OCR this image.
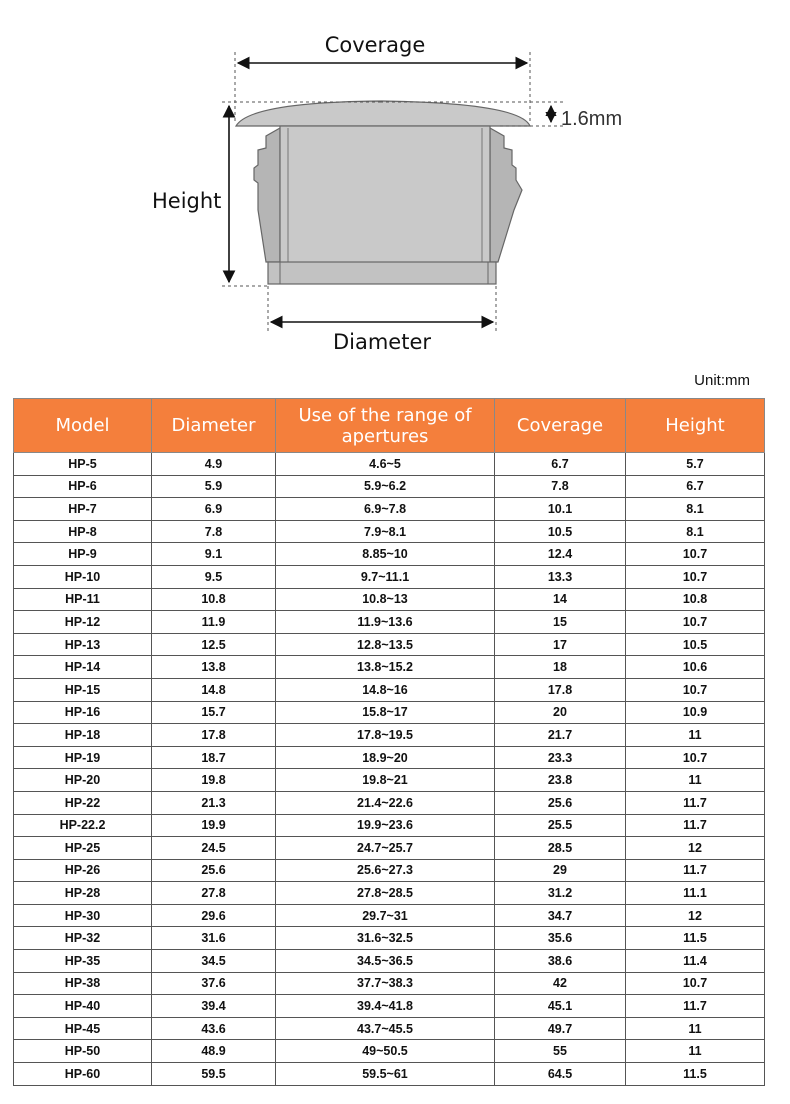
Coverage
1.6mm
Height
Diameter
Unit:mm
Model	Diameter	Use of the range of apertures	Coverage	Height
HP-5	4.9	4.6~5	6.7	5.7
HP-6	5.9	5.9~6.2	7.8	6.7
HP-7	6.9	6.9~7.8	10.1	8.1
HP-8	7.8	7.9~8.1	10.5	8.1
HP-9	9.1	8.85~10	12.4	10.7
HP-10	9.5	9.7~11.1	13.3	10.7
HP-11	10.8	10.8~13	14	10.8
HP-12	11.9	11.9~13.6	15	10.7
HP-13	12.5	12.8~13.5	17	10.5
HP-14	13.8	13.8~15.2	18	10.6
HP-15	14.8	14.8~16	17.8	10.7
HP-16	15.7	15.8~17	20	10.9
HP-18	17.8	17.8~19.5	21.7	11
HP-19	18.7	18.9~20	23.3	10.7
HP-20	19.8	19.8~21	23.8	11
HP-22	21.3	21.4~22.6	25.6	11.7
HP-22.2	19.9	19.9~23.6	25.5	11.7
HP-25	24.5	24.7~25.7	28.5	12
HP-26	25.6	25.6~27.3	29	11.7
HP-28	27.8	27.8~28.5	31.2	11.1
HP-30	29.6	29.7~31	34.7	12
HP-32	31.6	31.6~32.5	35.6	11.5
HP-35	34.5	34.5~36.5	38.6	11.4
HP-38	37.6	37.7~38.3	42	10.7
HP-40	39.4	39.4~41.8	45.1	11.7
HP-45	43.6	43.7~45.5	49.7	11
HP-50	48.9	49~50.5	55	11
HP-60	59.5	59.5~61	64.5	11.5
